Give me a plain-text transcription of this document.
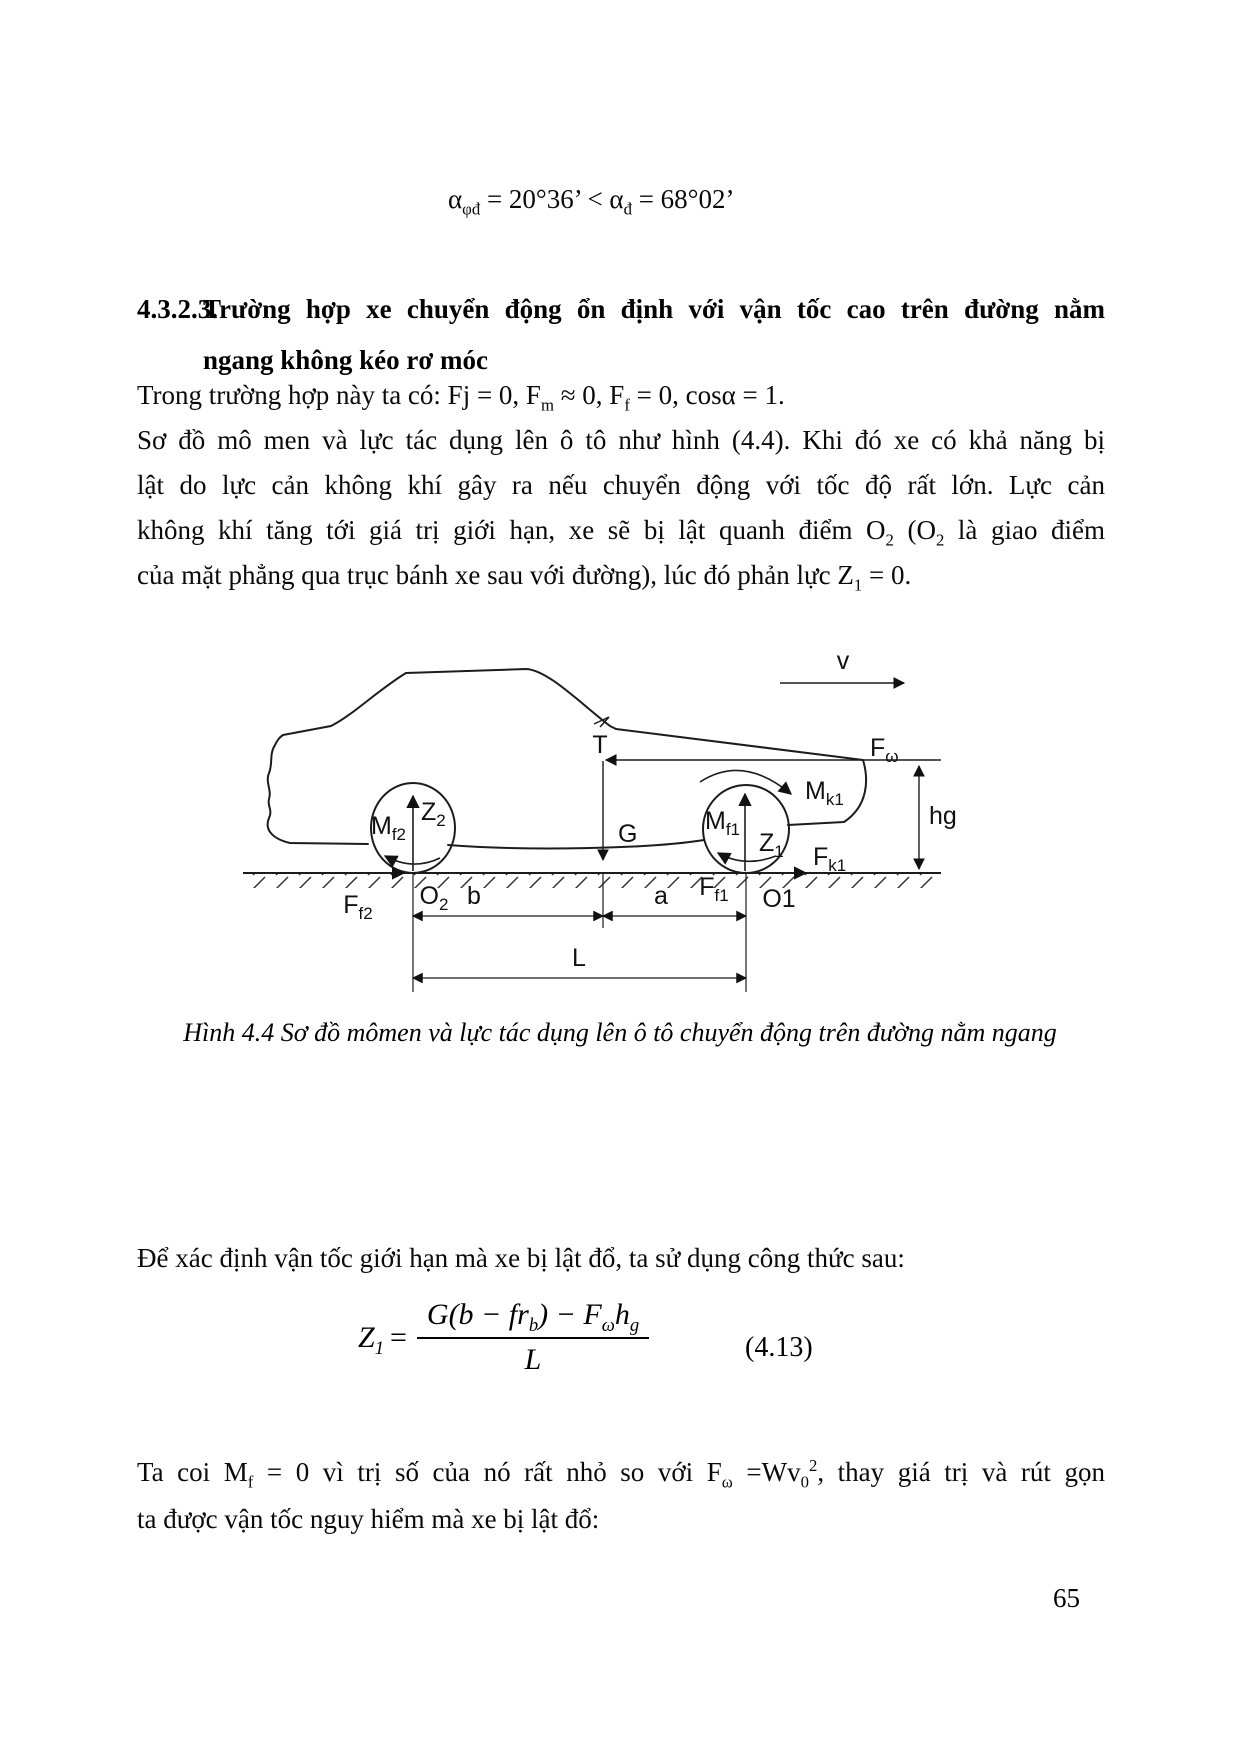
$\alpha_{\varphi đ} = 20^\circ 36$’ < $\alpha_đ = 68^\circ 02$’
4.3.2.3.
Trường hợp xe chuyển động ổn định với vận tốc cao trên đường nằm
ngang không kéo rơ móc
Trong trường hợp này ta có: Fj = 0, $F_m \approx 0$, $F_f = 0$, cosα = 1.
Sơ đồ mô men và lực tác dụng lên ô tô như hình (4.4). Khi đó xe có khả năng bị
lật do lực cản không khí gây ra nếu chuyển động với tốc độ rất lớn. Lực cản
không khí tăng tới giá trị giới hạn, xe sẽ bị lật quanh điểm $O_2$ ($O_2$ là giao điểm
của mặt phẳng qua trục bánh xe sau với đường), lúc đó phản lực $Z_1 = 0$.
v
T	$F_\omega$
$M_{k1}$
hg
G	$M_{f1}$ $Z_1$
$M_{f2}$
$Z_2$
$F_{k1}$
$F_{f1}$
$F_{f2}$
$O_2$ b	a	O1
L
Hình 4.4 Sơ đồ mômen và lực tác dụng lên ô tô chuyển động trên đường nằm ngang
Để xác định vận tốc giới hạn mà xe bị lật đổ, ta sử dụng công thức sau:
$Z_1 = \frac{G(b - fr_b) - F_\omega h_g}{L}$	(4.13)
Ta coi $M_f = 0$ vì trị số của nó rất nhỏ so với $F_\omega =Wv_0^2$, thay giá trị và rút gọn
ta được vận tốc nguy hiểm mà xe bị lật đổ:
65
